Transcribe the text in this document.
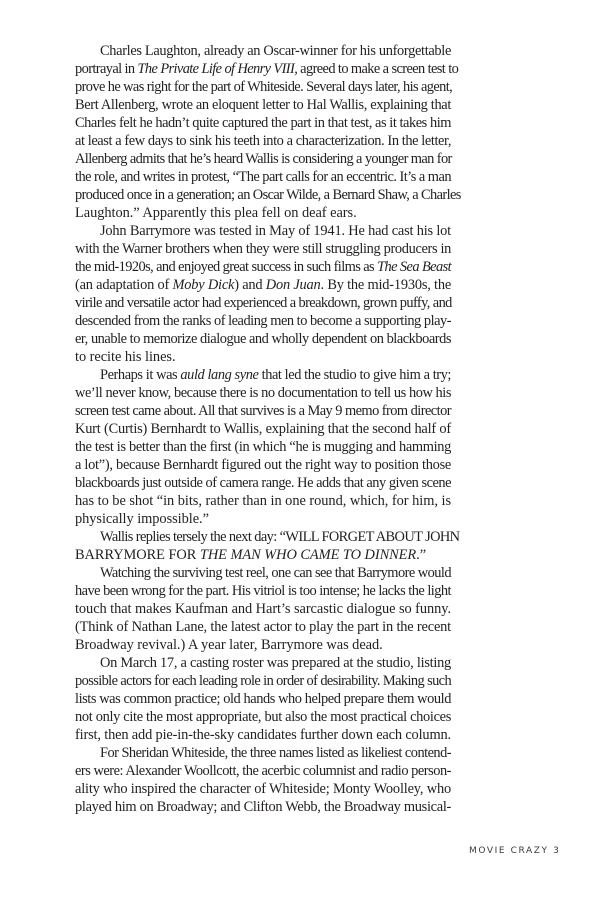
Charles Laughton, already an Oscar-winner for his unforgettable
portrayal in The Private Life of Henry VIII, agreed to make a screen test to
prove he was right for the part of Whiteside. Several days later, his agent,
Bert Allenberg, wrote an eloquent letter to Hal Wallis, explaining that
Charles felt he hadn’t quite captured the part in that test, as it takes him
at least a few days to sink his teeth into a characterization. In the letter,
Allenberg admits that he’s heard Wallis is considering a younger man for
the role, and writes in protest, “The part calls for an eccentric. It’s a man
produced once in a generation; an Oscar Wilde, a Bernard Shaw, a Charles
Laughton.” Apparently this plea fell on deaf ears.
John Barrymore was tested in May of 1941. He had cast his lot
with the Warner brothers when they were still struggling producers in
the mid-1920s, and enjoyed great success in such films as The Sea Beast
(an adaptation of Moby Dick) and Don Juan. By the mid-1930s, the
virile and versatile actor had experienced a breakdown, grown puffy, and
descended from the ranks of leading men to become a supporting play-
er, unable to memorize dialogue and wholly dependent on blackboards
to recite his lines.
Perhaps it was auld lang syne that led the studio to give him a try;
we’ll never know, because there is no documentation to tell us how his
screen test came about. All that survives is a May 9 memo from director
Kurt (Curtis) Bernhardt to Wallis, explaining that the second half of
the test is better than the first (in which “he is mugging and hamming
a lot”), because Bernhardt figured out the right way to position those
blackboards just outside of camera range. He adds that any given scene
has to be shot “in bits, rather than in one round, which, for him, is
physically impossible.”
Wallis replies tersely the next day: “WILL FORGET ABOUT JOHN
BARRYMORE FOR THE MAN WHO CAME TO DINNER.”
Watching the surviving test reel, one can see that Barrymore would
have been wrong for the part. His vitriol is too intense; he lacks the light
touch that makes Kaufman and Hart’s sarcastic dialogue so funny.
(Think of Nathan Lane, the latest actor to play the part in the recent
Broadway revival.) A year later, Barrymore was dead.
On March 17, a casting roster was prepared at the studio, listing
possible actors for each leading role in order of desirability. Making such
lists was common practice; old hands who helped prepare them would
not only cite the most appropriate, but also the most practical choices
first, then add pie-in-the-sky candidates further down each column.
For Sheridan Whiteside, the three names listed as likeliest contend-
ers were: Alexander Woollcott, the acerbic columnist and radio person-
ality who inspired the character of Whiteside; Monty Woolley, who
played him on Broadway; and Clifton Webb, the Broadway musical-
MOVIE CRAZY 3
